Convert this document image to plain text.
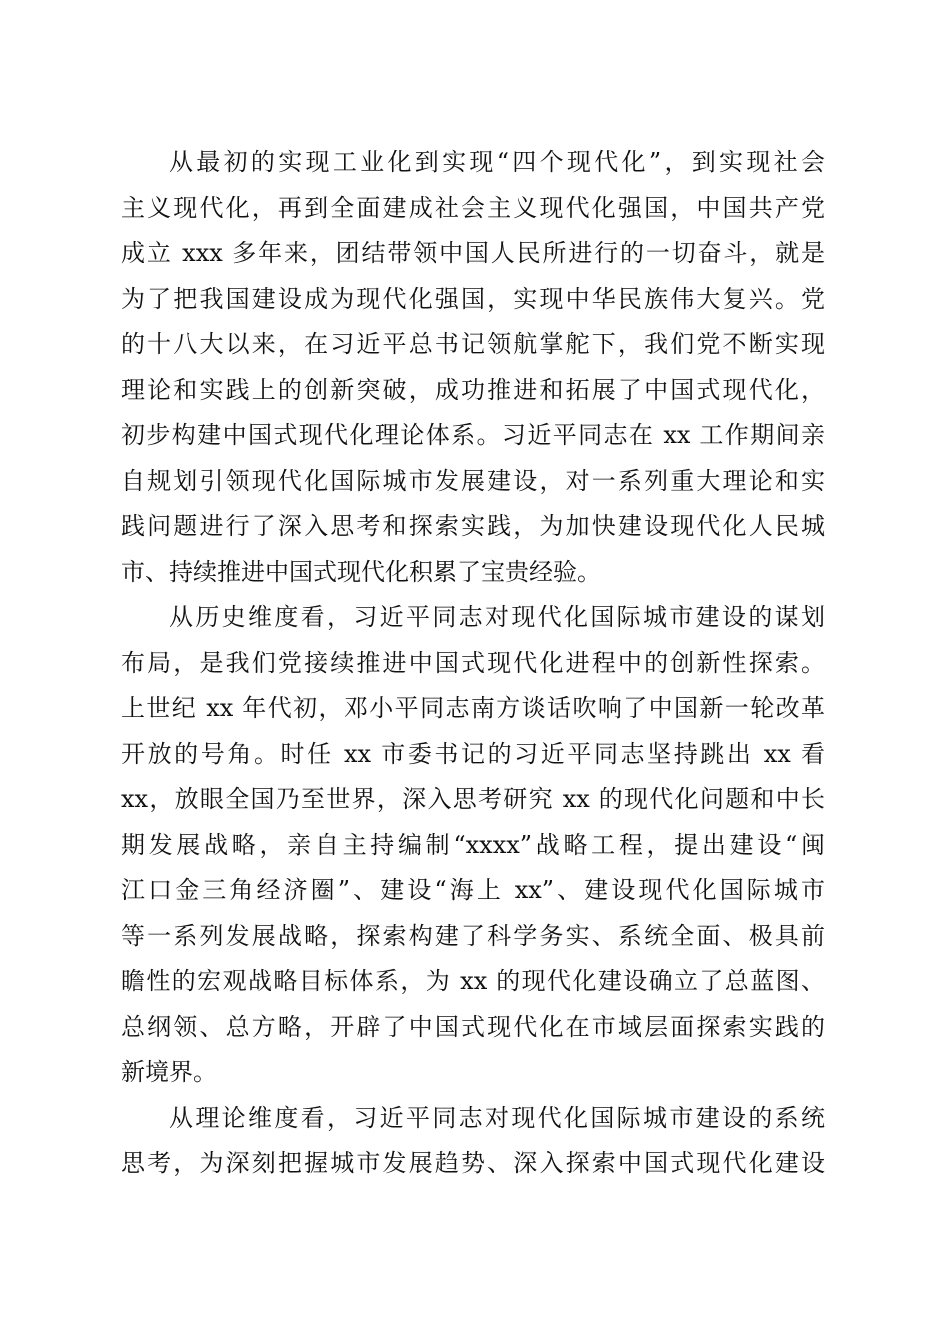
从最初的实现工业化到实现“四个现代化”，到实现社会
主义现代化，再到全面建成社会主义现代化强国，中国共产党
成立 xxx 多年来，团结带领中国人民所进行的一切奋斗，就是
为了把我国建设成为现代化强国，实现中华民族伟大复兴。党
的十八大以来，在习近平总书记领航掌舵下，我们党不断实现
理论和实践上的创新突破，成功推进和拓展了中国式现代化，
初步构建中国式现代化理论体系。习近平同志在 xx 工作期间亲
自规划引领现代化国际城市发展建设，对一系列重大理论和实
践问题进行了深入思考和探索实践，为加快建设现代化人民城
市、持续推进中国式现代化积累了宝贵经验。
从历史维度看，习近平同志对现代化国际城市建设的谋划
布局，是我们党接续推进中国式现代化进程中的创新性探索。
上世纪 xx 年代初，邓小平同志南方谈话吹响了中国新一轮改革
开放的号角。时任 xx 市委书记的习近平同志坚持跳出 xx 看
xx，放眼全国乃至世界，深入思考研究 xx 的现代化问题和中长
期发展战略，亲自主持编制“xxxx”战略工程，提出建设“闽
江口金三角经济圈”、建设“海上 xx”、建设现代化国际城市
等一系列发展战略，探索构建了科学务实、系统全面、极具前
瞻性的宏观战略目标体系，为 xx 的现代化建设确立了总蓝图、
总纲领、总方略，开辟了中国式现代化在市域层面探索实践的
新境界。
从理论维度看，习近平同志对现代化国际城市建设的系统
思考，为深刻把握城市发展趋势、深入探索中国式现代化建设
